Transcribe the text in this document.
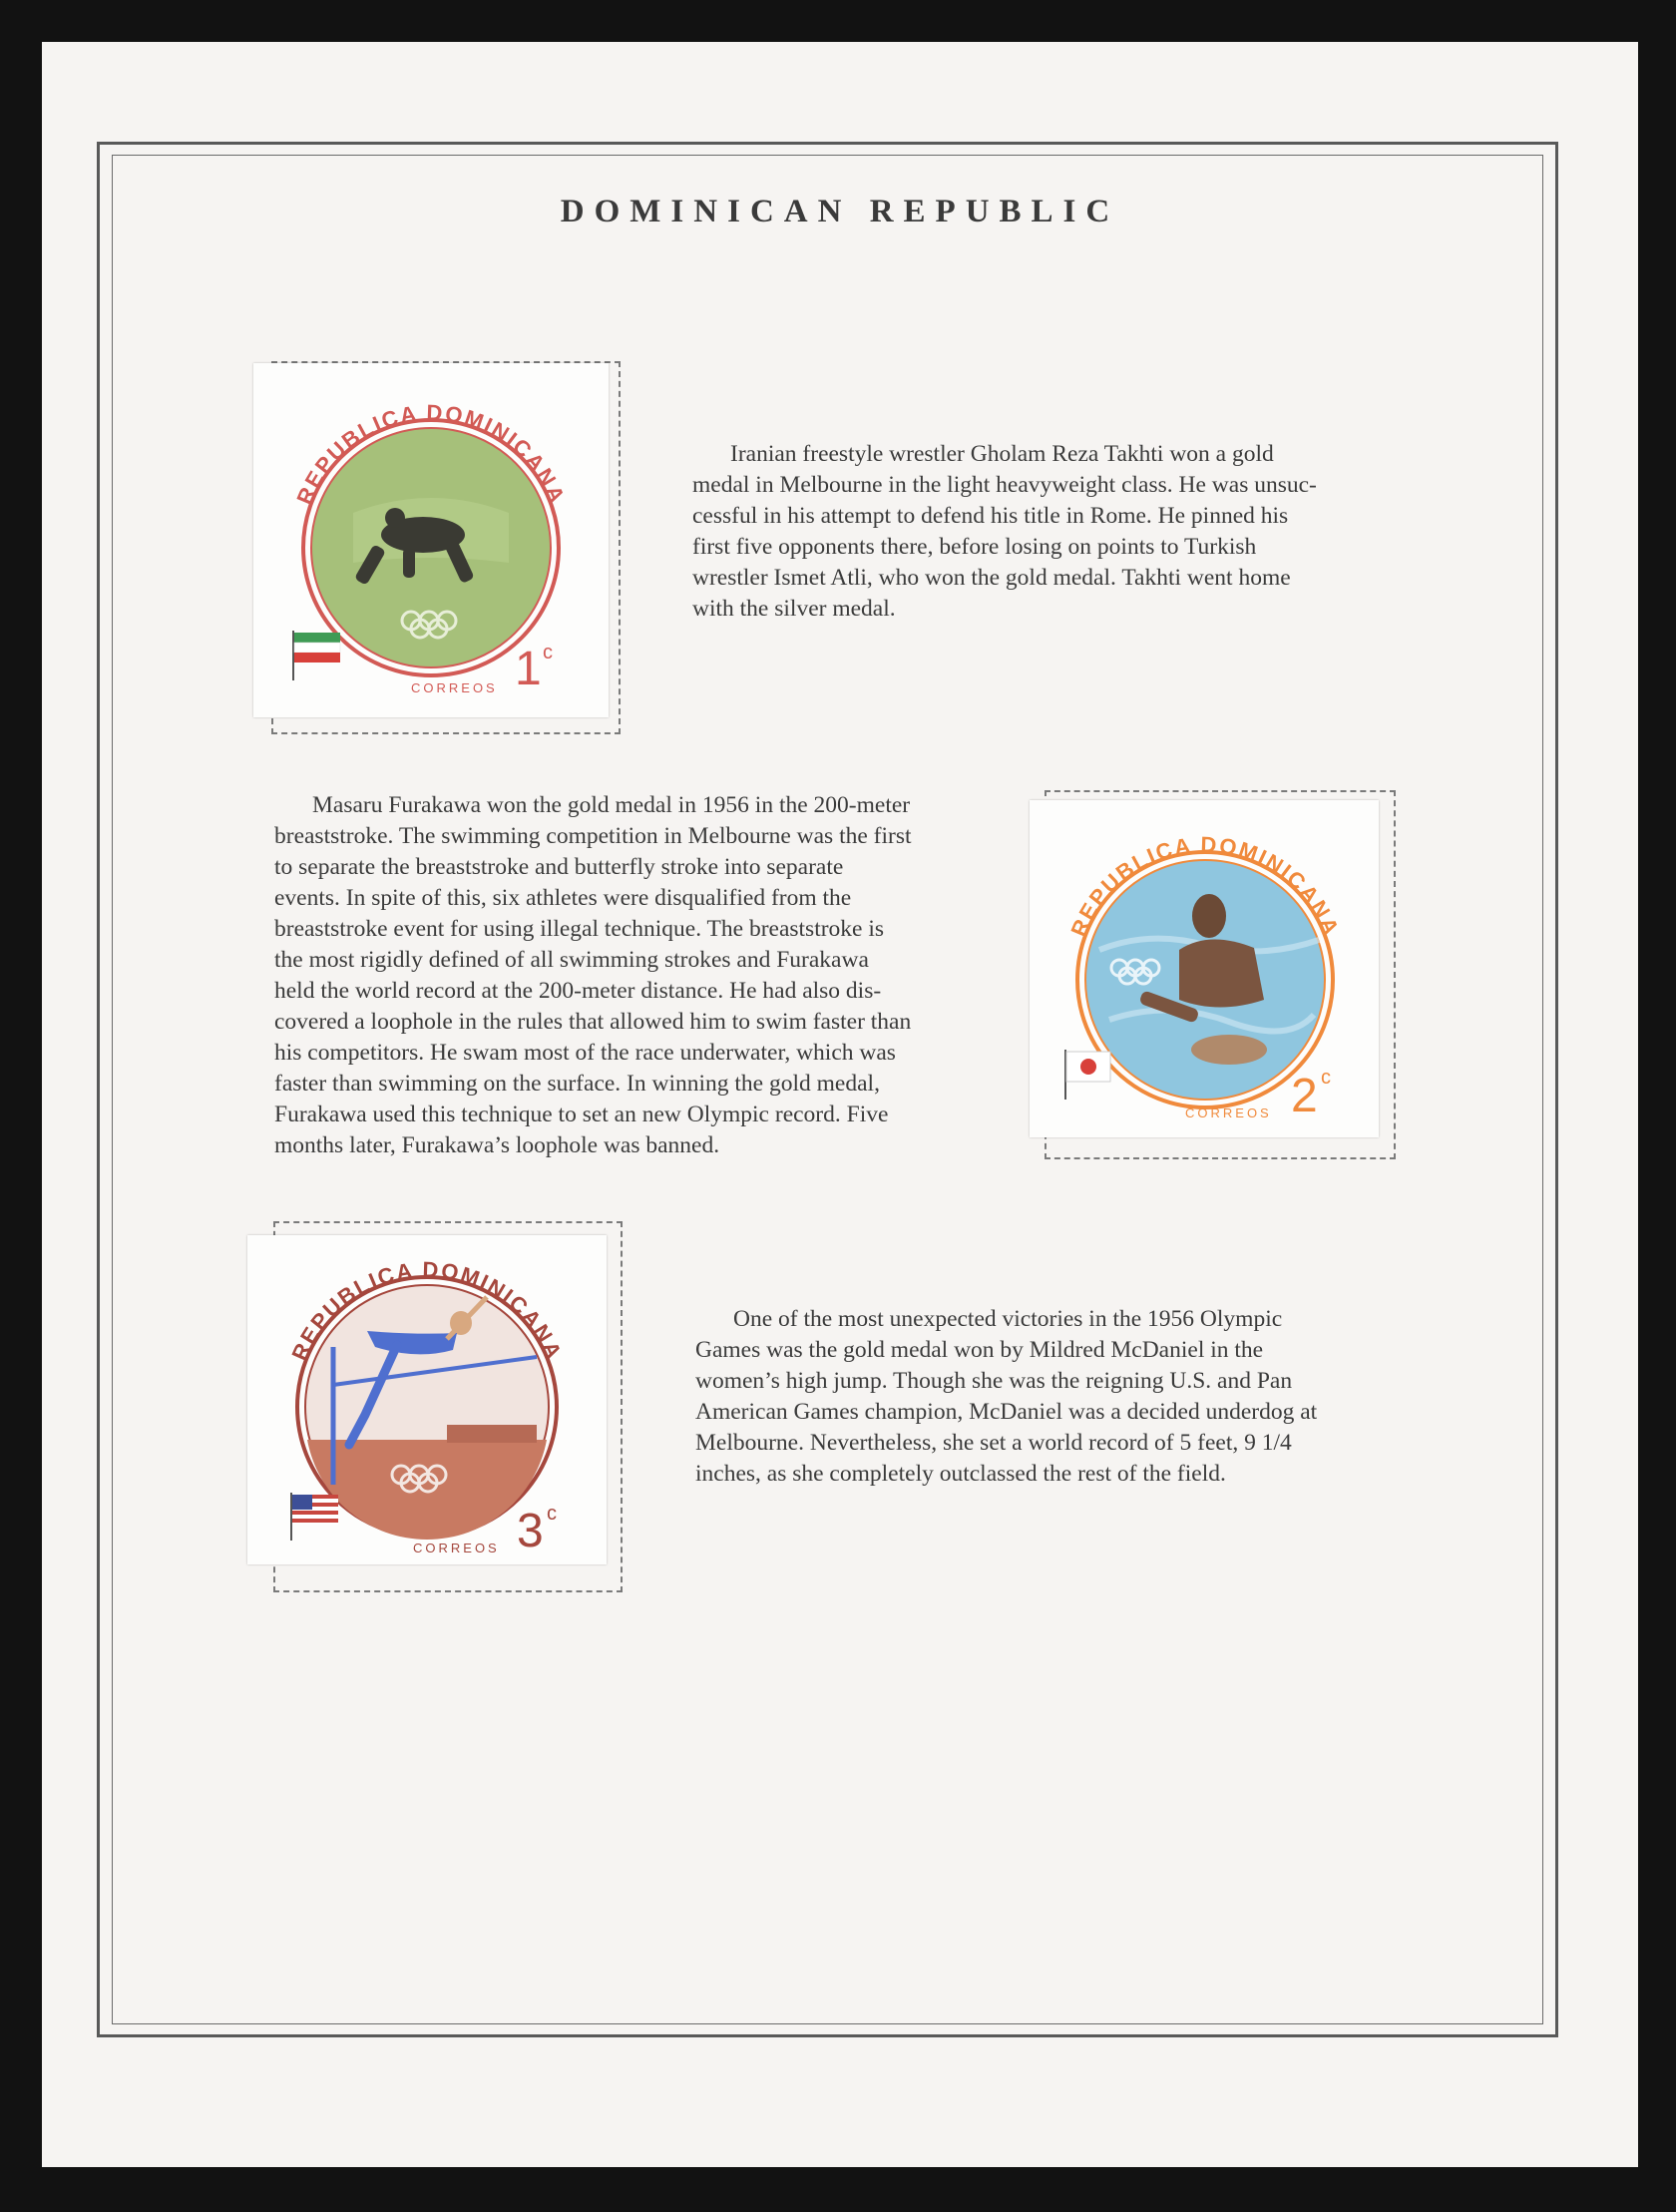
DOMINICAN REPUBLIC
REPUBLICA DOMINICANA
CORREOS 1 c

Iranian freestyle wrestler Gholam Reza Takhti won a gold
medal in Melbourne in the light heavyweight class. He was unsuc-
cessful in his attempt to defend his title in Rome. He pinned his
first five opponents there, before losing on points to Turkish
wrestler Ismet Atli, who won the gold medal. Takhti went home
with the silver medal.

REPUBLICA DOMINICANA
CORREOS 2 c

Masaru Furakawa won the gold medal in 1956 in the 200-meter
breaststroke. The swimming competition in Melbourne was the first
to separate the breaststroke and butterfly stroke into separate
events. In spite of this, six athletes were disqualified from the
breaststroke event for using illegal technique. The breaststroke is
the most rigidly defined of all swimming strokes and Furakawa
held the world record at the 200-meter distance. He had also dis-
covered a loophole in the rules that allowed him to swim faster than
his competitors. He swam most of the race underwater, which was
faster than swimming on the surface. In winning the gold medal,
Furakawa used this technique to set an new Olympic record. Five
months later, Furakawa’s loophole was banned.

REPUBLICA DOMINICANA
CORREOS 3 c

One of the most unexpected victories in the 1956 Olympic
Games was the gold medal won by Mildred McDaniel in the
women’s high jump. Though she was the reigning U.S. and Pan
American Games champion, McDaniel was a decided underdog at
Melbourne. Nevertheless, she set a world record of 5 feet, 9 1/4
inches, as she completely outclassed the rest of the field.
